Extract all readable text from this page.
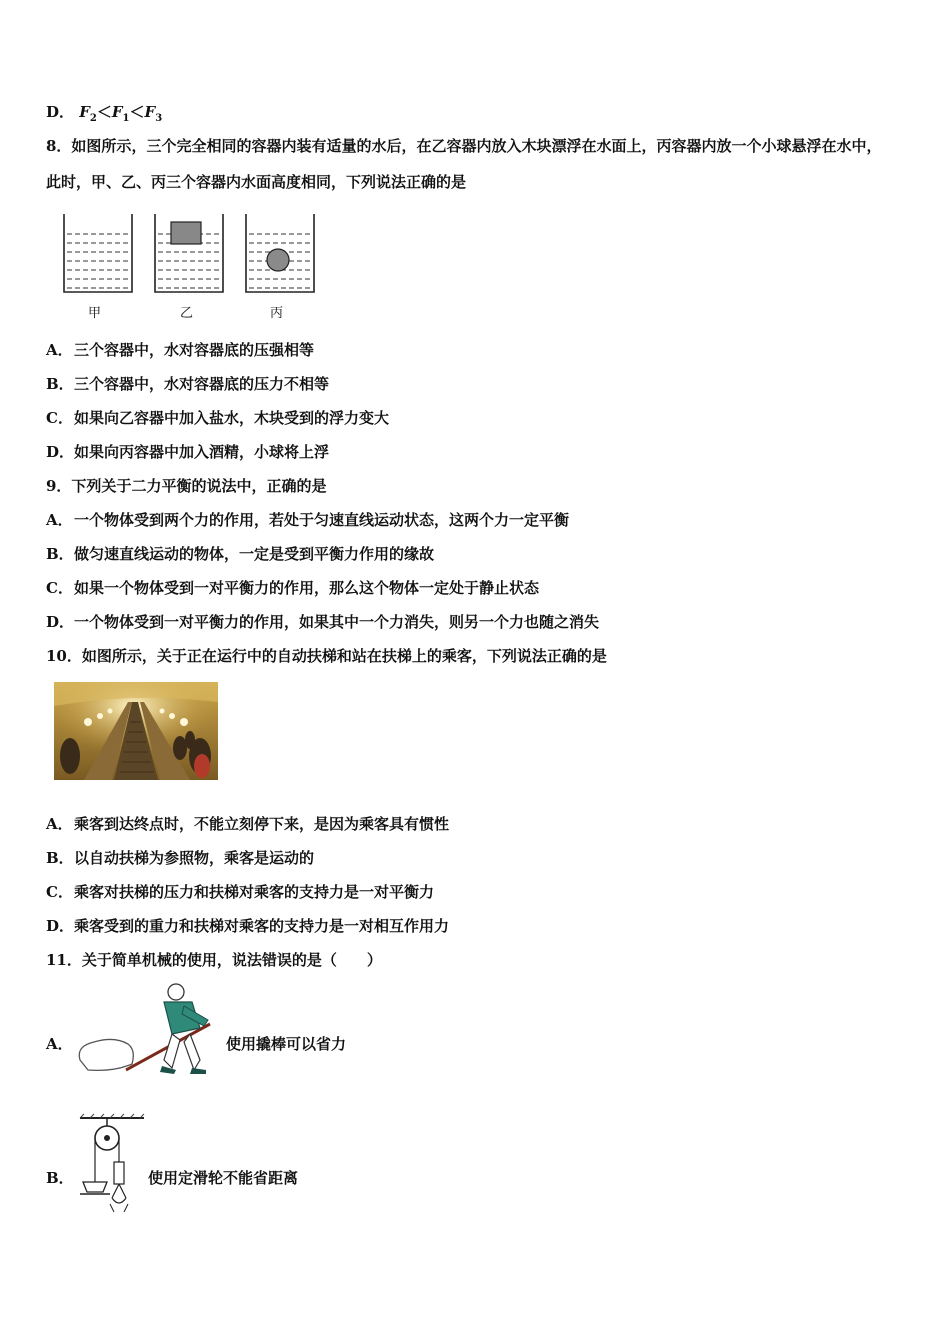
D． $F_2<F_1<F_3$
8．如图所示，三个完全相同的容器内装有适量的水后，在乙容器内放入木块漂浮在水面上，丙容器内放一个小球悬浮在水中，此时，甲、乙、丙三个容器内水面高度相同，下列说法正确的是
甲	乙	丙
A．三个容器中，水对容器底的压强相等
B．三个容器中，水对容器底的压力不相等
C．如果向乙容器中加入盐水，木块受到的浮力变大
D．如果向丙容器中加入酒精，小球将上浮
9．下列关于二力平衡的说法中，正确的是
A．一个物体受到两个力的作用，若处于匀速直线运动状态，这两个力一定平衡
B．做匀速直线运动的物体，一定是受到平衡力作用的缘故
C．如果一个物体受到一对平衡力的作用，那么这个物体一定处于静止状态
D．一个物体受到一对平衡力的作用，如果其中一个力消失，则另一个力也随之消失
10．如图所示，关于正在运行中的自动扶梯和站在扶梯上的乘客，下列说法正确的是
A．乘客到达终点时，不能立刻停下来，是因为乘客具有惯性
B．以自动扶梯为参照物，乘客是运动的
C．乘客对扶梯的压力和扶梯对乘客的支持力是一对平衡力
D．乘客受到的重力和扶梯对乘客的支持力是一对相互作用力
11．关于简单机械的使用，说法错误的是（　　）
A．	使用撬棒可以省力
B．	使用定滑轮不能省距离
